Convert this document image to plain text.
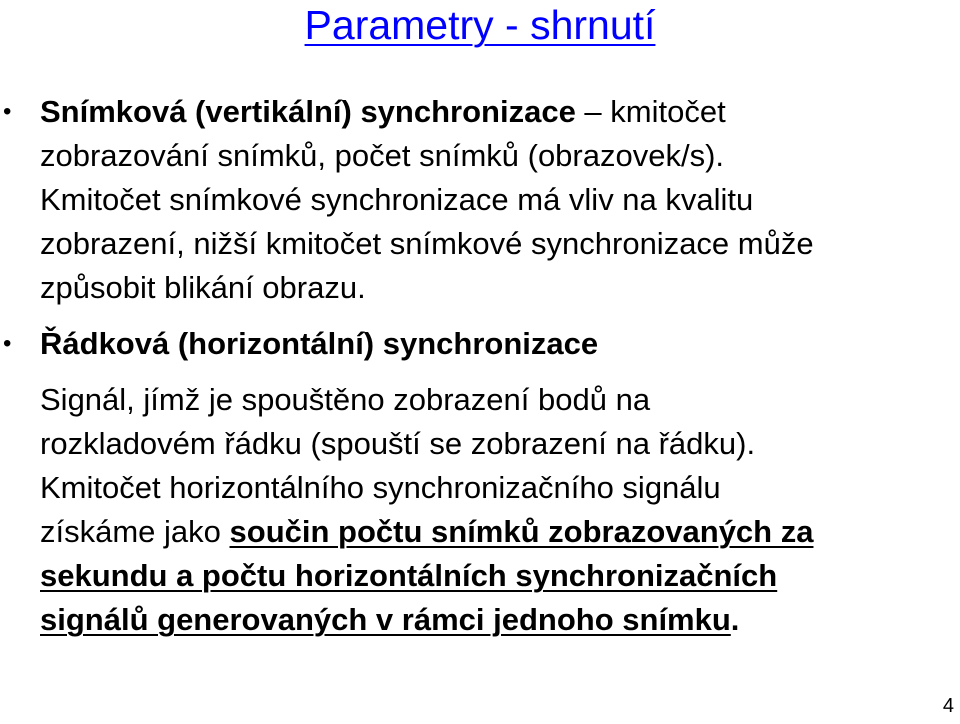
Parametry - shrnutí
• Snímková (vertikální) synchronizace – kmitočet
zobrazování snímků, počet snímků (obrazovek/s).
Kmitočet snímkové synchronizace má vliv na kvalitu
zobrazení, nižší kmitočet snímkové synchronizace může
způsobit blikání obrazu.
• Řádková (horizontální) synchronizace
Signál, jímž je spouštěno zobrazení bodů na
rozkladovém řádku (spouští se zobrazení na řádku).
Kmitočet horizontálního synchronizačního signálu
získáme jako součin počtu snímků zobrazovaných za
sekundu a počtu horizontálních synchronizačních
signálů generovaných v rámci jednoho snímku.
4
